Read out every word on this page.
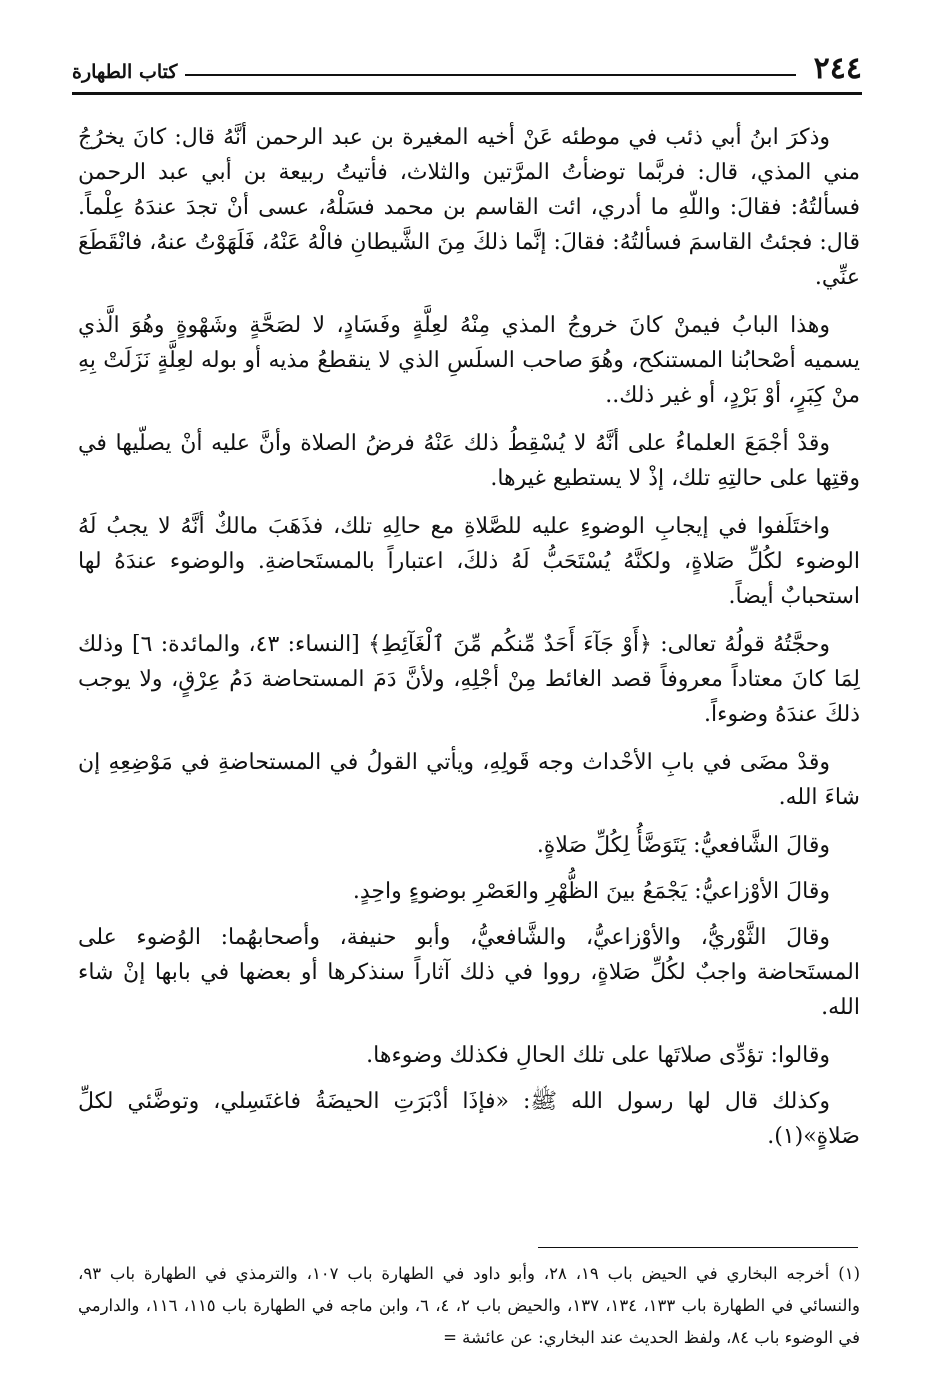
٢٤٤
كتاب الطهارة

وذكرَ ابنُ أبي ذئب في موطئه عَنْ أخيه المغيرة بن عبد الرحمن أنَّهُ قال: كانَ يخرُجُ مني المذي، قال: فربَّما توضأتُ المرَّتين والثلاث، فأتيتُ ربيعة بن أبي عبد الرحمن فسألتُهُ: فقالَ: واللّهِ ما أدري، ائت القاسم بن محمد فسَلْهُ، عسى أنْ تجدَ عندَهُ عِلْماً. قال: فجئتُ القاسمَ فسألتُهُ: فقالَ: إنَّما ذلكَ مِنَ الشَّيطانِ فالْهُ عَنْهُ، فَلَهَوْتُ عنهُ، فانْقَطَعَ عنِّي.

وهذا البابُ فيمنْ كانَ خروجُ المذي مِنْهُ لعِلَّةٍ وفَسَادٍ، لا لصَحَّةٍ وشَهْوةٍ وهُوَ الَّذي يسميه أصْحابُنا المستنكح، وهُوَ صاحب السلَسِ الذي لا ينقطعُ مذيه أو بوله لعِلَّةٍ نَزَلَتْ بِهِ منْ كِبَرٍ، أوْ بَرْدٍ، أو غير ذلك..

وقدْ أجْمَعَ العلماءُ على أنَّهُ لا يُسْقِطُ ذلك عَنْهُ فرضُ الصلاة وأنَّ عليه أنْ يصلّيها في وقتِها على حالتِهِ تلك، إذْ لا يستطيع غيرها.

واختَلَفوا في إيجابِ الوضوءِ عليه للصَّلاةِ مع حالِهِ تلك، فذَهَبَ مالكٌ أنَّهُ لا يجبُ لَهُ الوضوء لكُلِّ صَلاةٍ، ولكنَّهُ يُسْتَحَبُّ لَهُ ذلكَ، اعتباراً بالمستَحاضةِ. والوضوء عندَهُ لها استحبابٌ أيضاً.

وحجَّتُهُ قولُهُ تعالى: ﴿أَوْ جَآءَ أَحَدٌ مِّنكُم مِّنَ ٱلْغَآئِطِ﴾ [النساء: ٤٣، والمائدة: ٦] وذلك لِمَا كانَ معتاداً معروفاً قصد الغائط مِنْ أجْلِهِ، ولأنَّ دَمَ المستحاضة دَمُ عِرْقٍ، ولا يوجب ذلكَ عندَهُ وضوءاً.

وقدْ مضَى في بابِ الأحْداث وجه قَولِهِ، ويأتي القولُ في المستحاضةِ في مَوْضِعِهِ إن شاءَ الله.

وقالَ الشَّافعيُّ: يَتَوَضَّأُ لِكُلِّ صَلاةٍ.

وقالَ الأوْزاعيُّ: يَجْمَعُ بينَ الظُّهْرِ والعَصْرِ بوضوءٍ واحِدٍ.

وقالَ الثَّوْريُّ، والأوْزاعيُّ، والشَّافعيُّ، وأبو حنيفة، وأصحابهُما: الوُضوء على المستَحاضة واجبٌ لكُلِّ صَلاةٍ، رووا في ذلك آثاراً سنذكرها أو بعضها في بابها إنْ شاء الله.

وقالوا: تؤدِّى صلاتَها على تلك الحالِ فكذلك وضوءها.

وكذلك قال لها رسول الله ﷺ: «فإذَا أدْبَرَتِ الحيضَةُ فاغتَسِلي، وتوضَّئي لكلِّ صَلاةٍ»(١).

(١) أخرجه البخاري في الحيض باب ١٩، ٢٨، وأبو داود في الطهارة باب ١٠٧، والترمذي في الطهارة باب ٩٣، والنسائي في الطهارة باب ١٣٣، ١٣٤، ١٣٧، والحيض باب ٢، ٤، ٦، وابن ماجه في الطهارة باب ١١٥، ١١٦، والدارمي في الوضوء باب ٨٤، ولفظ الحديث عند البخاري: عن عائشة =
